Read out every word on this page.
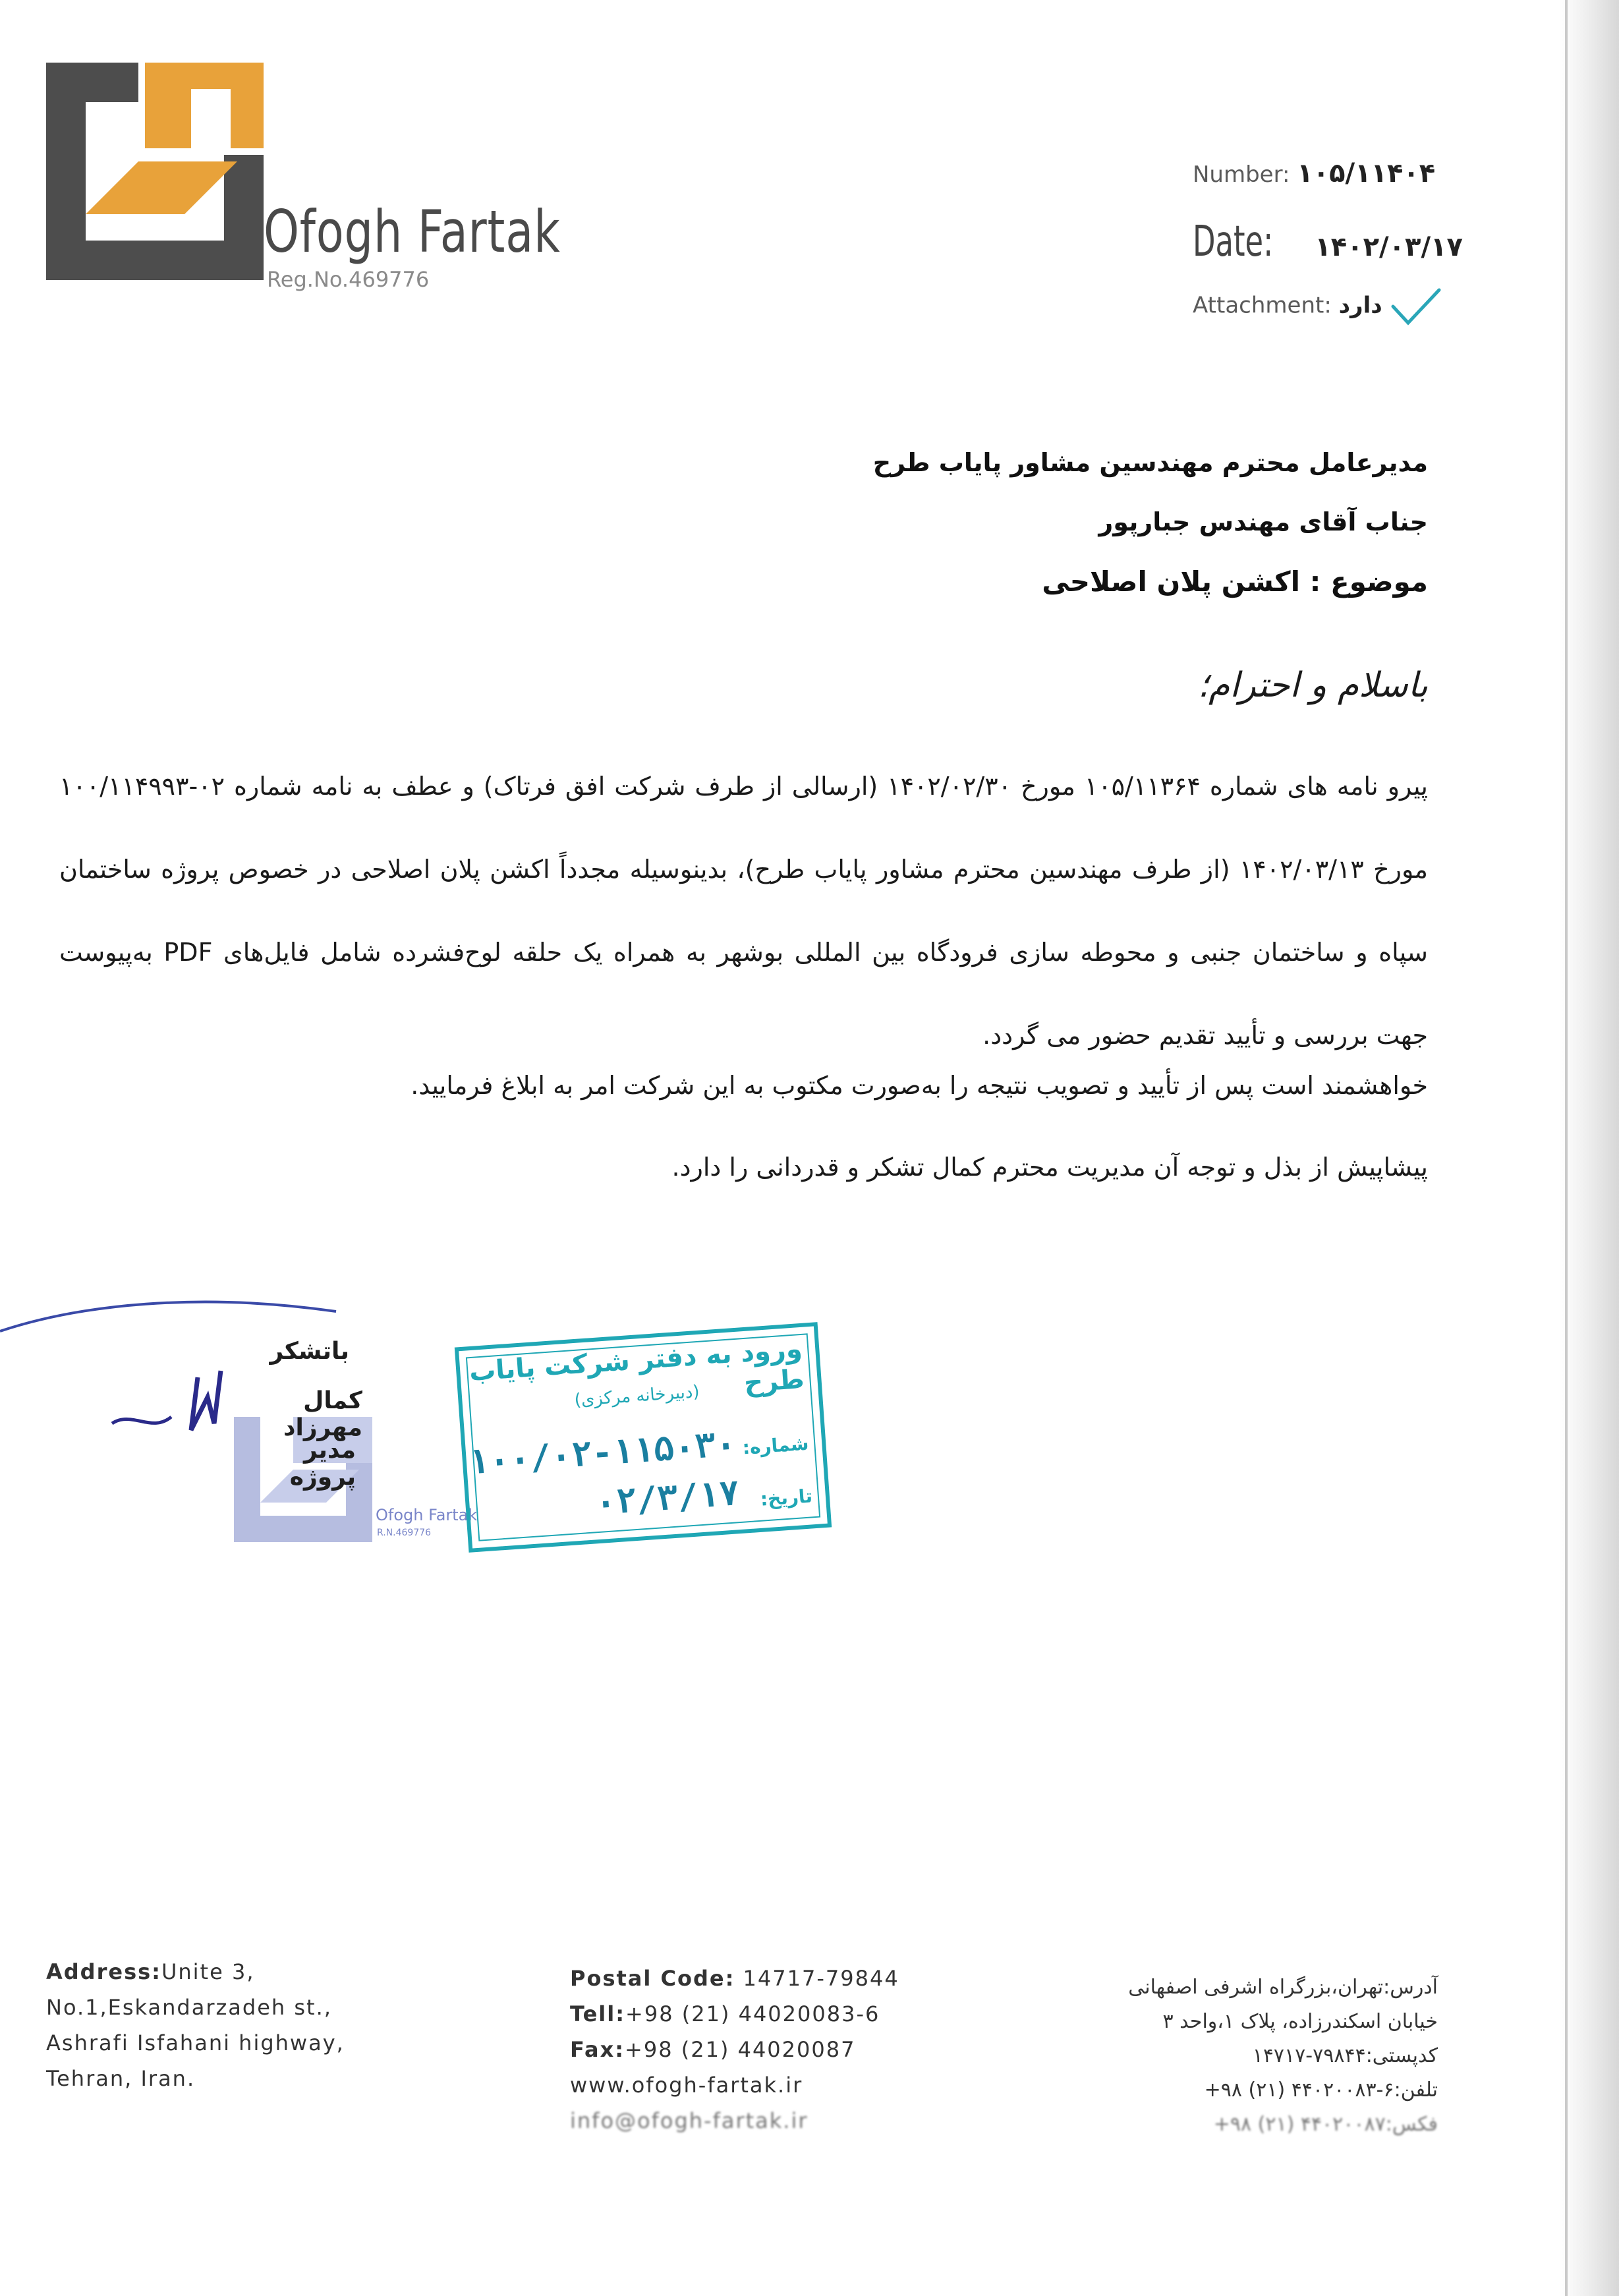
Ofogh Fartak
Reg.No.469776
Number: ۱۰۵/۱۱۴۰۴
Date: ۱۴۰۲/۰۳/۱۷
Attachment: دارد
مدیرعامل محترم مهندسین مشاور پایاب طرح
جناب آقای مهندس جبارپور
موضوع : اکشن پلان اصلاحی
باسلام و احترام؛
پیرو نامه های شماره ۱۰۵/۱۱۳۶۴ مورخ ۱۴۰۲/۰۲/۳۰ (ارسالی از طرف شرکت افق فرتاک) و عطف به نامه شماره ۰۲-۱۰۰/۱۱۴۹۹۳ مورخ ۱۴۰۲/۰۳/۱۳ (از طرف مهندسین محترم مشاور پایاب طرح)، بدینوسیله مجدداً اکشن پلان اصلاحی در خصوص پروژه ساختمان سپاه و ساختمان جنبی و محوطه سازی فرودگاه بین المللی بوشهر به همراه یک حلقه لوح‌فشرده شامل فایل‌های PDF به‌پیوست جهت بررسی و تأیید تقدیم حضور می گردد.
خواهشمند است پس از تأیید و تصویب نتیجه را به‌صورت مکتوب به این شرکت امر به ابلاغ فرمایید.
پیشاپیش از بذل و توجه آن مدیریت محترم کمال تشکر و قدردانی را دارد.
باتشکر
کمال مهرزاد
مدیر پروژه
Ofogh Fartak
R.N.469776
ورود به دفتر شرکت پایاب طرح
(دبیرخانه مرکزی)
شماره:
۱۰۰/۰۲-۱۱۵۰۳۰
تاریخ:
۰۲/۳/۱۷
Address:Unite 3,
No.1,Eskandarzadeh st.,
Ashrafi Isfahani highway,
Tehran, Iran.
Postal Code: 14717-79844
Tell:+98 (21) 44020083-6
Fax:+98 (21) 44020087
www.ofogh-fartak.ir
info@ofogh-fartak.ir
آدرس:تهران،بزرگراه اشرفی اصفهانی
خیابان اسکندرزاده، پلاک ۱،واحد ۳
کدپستی:۷۹۸۴۴-۱۴۷۱۷
تلفن:۶-۴۴۰۲۰۰۸۳ (۲۱) ۹۸+
فکس:۴۴۰۲۰۰۸۷ (۲۱) ۹۸+
